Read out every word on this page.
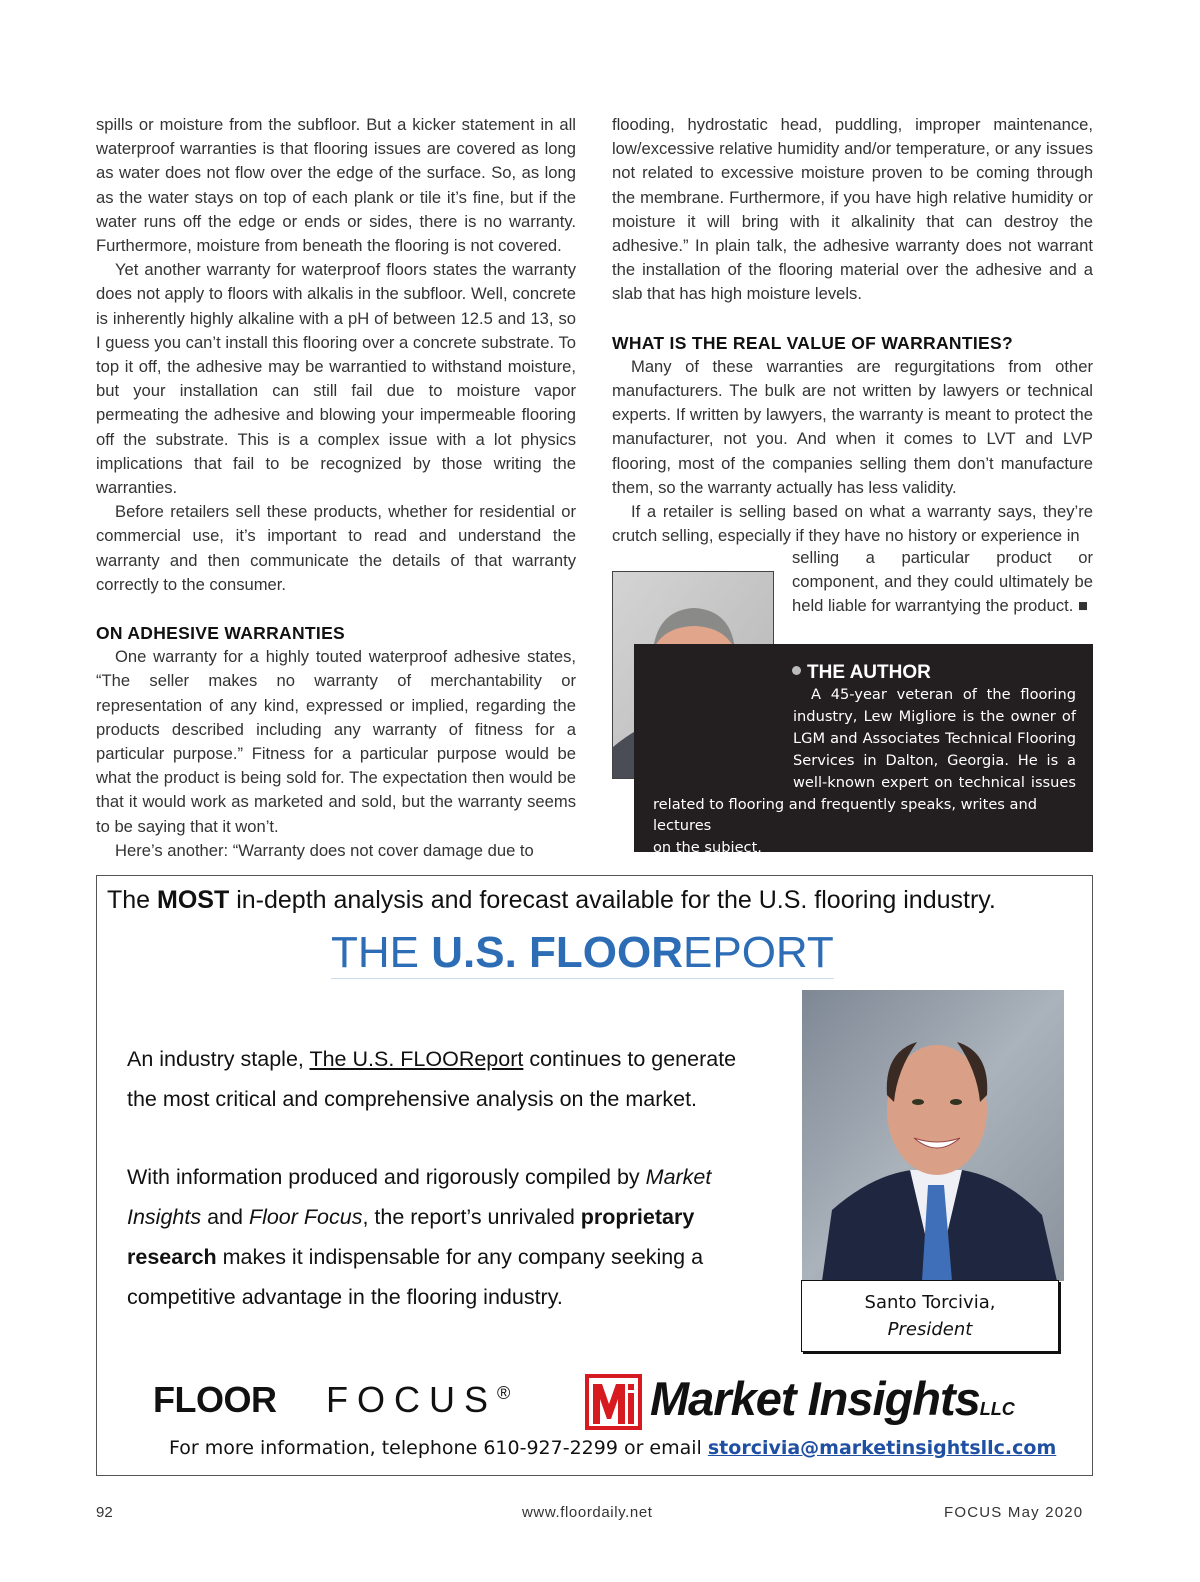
spills or moisture from the subfloor. But a kicker statement in all waterproof warranties is that flooring issues are covered as long as water does not flow over the edge of the surface. So, as long as the water stays on top of each plank or tile it’s fine, but if the water runs off the edge or ends or sides, there is no warranty. Furthermore, moisture from beneath the flooring is not covered.

Yet another warranty for waterproof floors states the warranty does not apply to floors with alkalis in the subfloor. Well, concrete is inherently highly alkaline with a pH of between 12.5 and 13, so I guess you can’t install this flooring over a concrete substrate. To top it off, the adhesive may be warrantied to withstand moisture, but your installation can still fail due to moisture vapor permeating the adhesive and blowing your impermeable flooring off the substrate. This is a complex issue with a lot physics implications that fail to be recognized by those writing the warranties.

Before retailers sell these products, whether for residential or commercial use, it’s important to read and understand the warranty and then communicate the details of that warranty correctly to the consumer.

ON ADHESIVE WARRANTIES

One warranty for a highly touted waterproof adhesive states, “The seller makes no warranty of merchantability or representation of any kind, expressed or implied, regarding the products described including any warranty of fitness for a particular purpose.” Fitness for a particular purpose would be what the product is being sold for. The expectation then would be that it would work as marketed and sold, but the warranty seems to be saying that it won’t.

Here’s another: “Warranty does not cover damage due to

flooding, hydrostatic head, puddling, improper maintenance, low/excessive relative humidity and/or temperature, or any issues not related to excessive moisture proven to be coming through the membrane. Furthermore, if you have high relative humidity or moisture it will bring with it alkalinity that can destroy the adhesive.” In plain talk, the adhesive warranty does not warrant the installation of the flooring material over the adhesive and a slab that has high moisture levels.

WHAT IS THE REAL VALUE OF WARRANTIES?

Many of these warranties are regurgitations from other manufacturers. The bulk are not written by lawyers or technical experts. If written by lawyers, the warranty is meant to protect the manufacturer, not you. And when it comes to LVT and LVP flooring, most of the companies selling them don’t manufacture them, so the warranty actually has less validity.

If a retailer is selling based on what a warranty says, they’re crutch selling, especially if they have no history or experience in

selling a particular product or component, and they could ultimately be held liable for warrantying the product. ■

THE AUTHOR
A 45-year veteran of the flooring
industry, Lew Migliore is the owner of
LGM and Associates Technical Flooring
Services in Dalton, Georgia. He is a
well-known expert on technical issues
related to flooring and frequently speaks, writes and lectures
on the subject.
The MOST in-depth analysis and forecast available for the U.S. flooring industry.
THE U.S. FLOOREPORT

An industry staple, The U.S. FLOOReport continues to generate the most critical and comprehensive analysis on the market.

With information produced and rigorously compiled by Market Insights and Floor Focus, the report’s unrivaled proprietary research makes it indispensable for any company seeking a competitive advantage in the flooring industry.	Santo Torcivia,
President
FLOOR FOCUS®	Market InsightsLLC
For more information, telephone 610-927-2299 or email storcivia@marketinsightsllc.com
92	www.floordaily.net	FOCUS May 2020
